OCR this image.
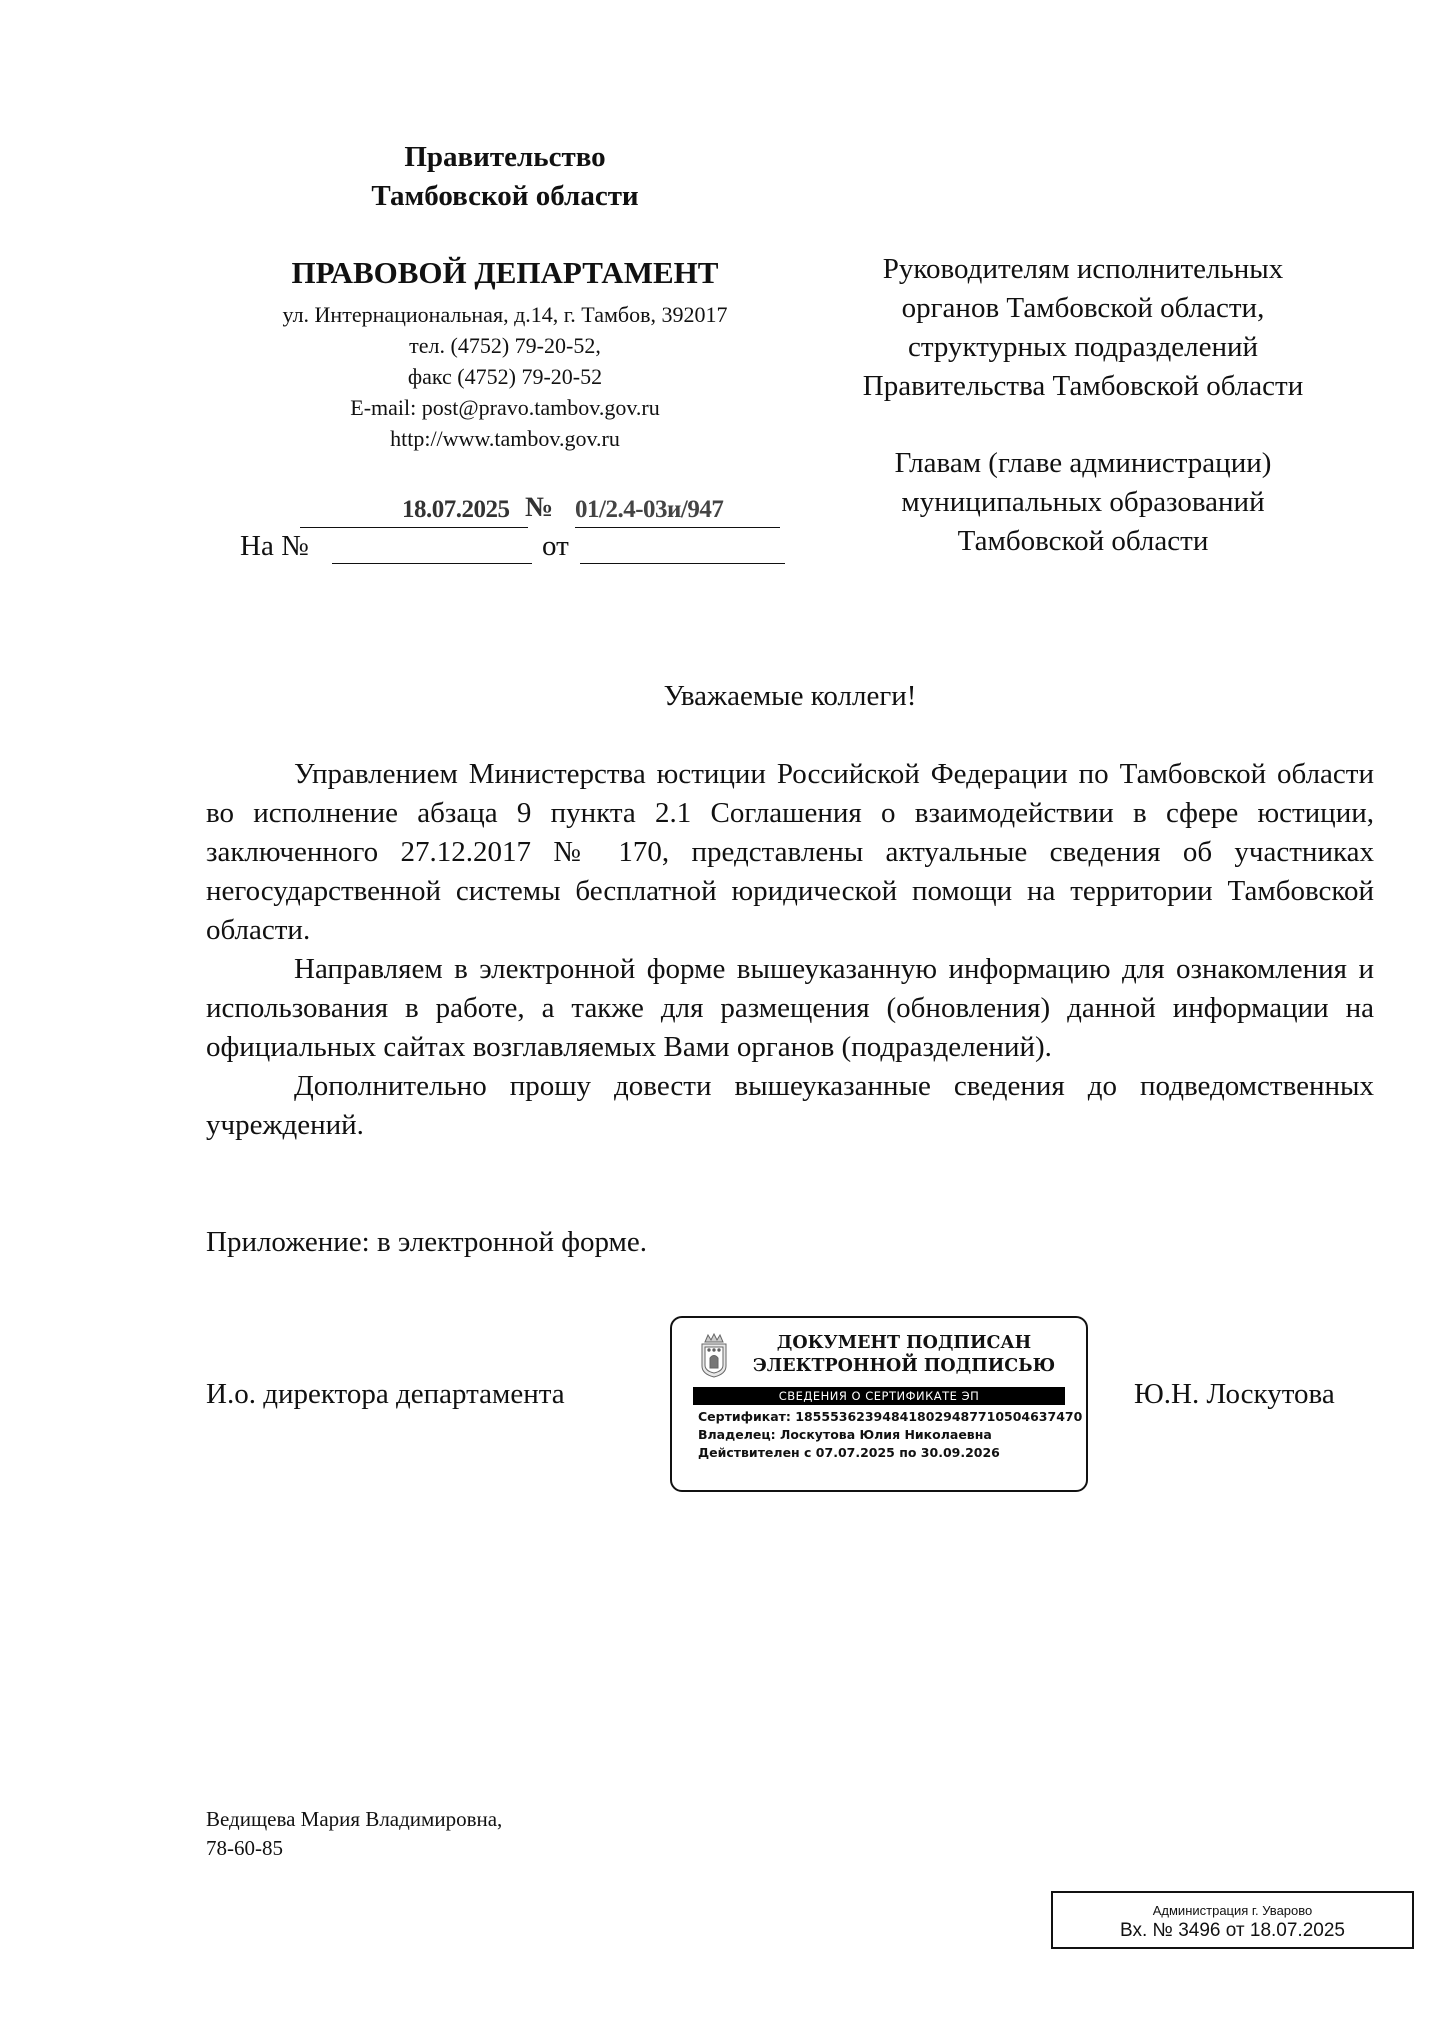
Правительство
Тамбовской области
ПРАВОВОЙ ДЕПАРТАМЕНТ
ул. Интернациональная, д.14, г. Тамбов, 392017
тел. (4752) 79-20-52,
факс (4752) 79-20-52
E-mail: post@pravo.tambov.gov.ru
http://www.tambov.gov.ru
18.07.2025 № 01/2.4-03и/947
На №	от
Руководителям исполнительных
органов Тамбовской области,
структурных подразделений
Правительства Тамбовской области
Главам (главе администрации)
муниципальных образований
Тамбовской области
Уважаемые коллеги!

Управлением Министерства юстиции Российской Федерации по Тамбовской области во исполнение абзаца 9 пункта 2.1 Соглашения о взаимодействии в сфере юстиции, заключенного 27.12.2017 № 170, представлены актуальные сведения об участниках негосударственной системы бесплатной юридической помощи на территории Тамбовской области.

Направляем в электронной форме вышеуказанную информацию для ознакомления и использования в работе, а также для размещения (обновления) данной информации на официальных сайтах возглавляемых Вами органов (подразделений).

Дополнительно прошу довести вышеуказанные сведения до подведомственных учреждений.

Приложение: в электронной форме.
И.о. директора департамента	Ю.Н. Лоскутова
ДОКУМЕНТ ПОДПИСАН
ЭЛЕКТРОННОЙ ПОДПИСЬЮ
СВЕДЕНИЯ О СЕРТИФИКАТЕ ЭП
Сертификат: 18555362394841802948771050463747​0
Владелец: Лоскутова Юлия Николаевна
Действителен с 07.07.2025 по 30.09.2026
Ведищева Мария Владимировна,
78-60-85
Администрация г. Уварово
Вх. № 3496 от 18.07.2025
